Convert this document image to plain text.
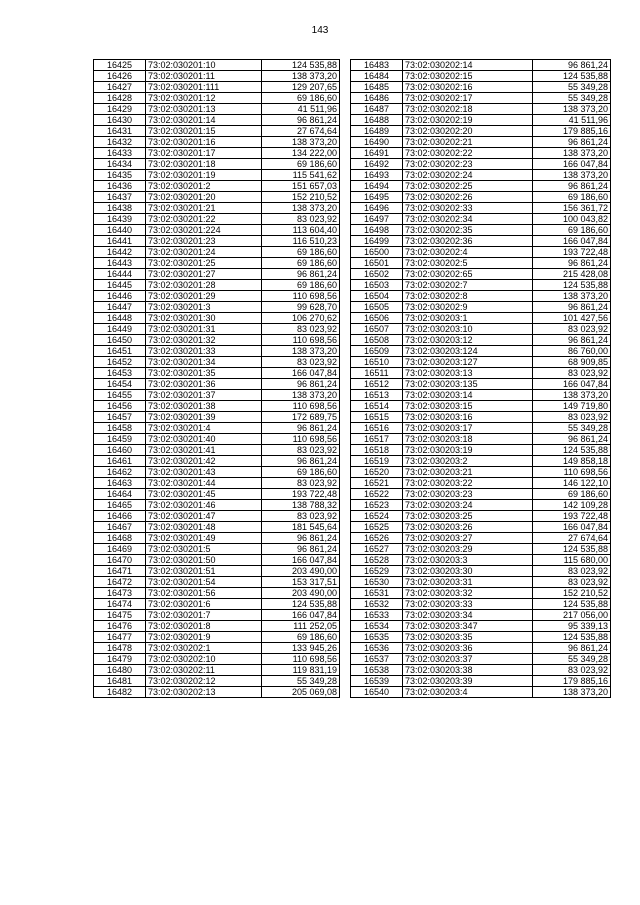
143
16425	73:02:030201:10	124 535,88
16426	73:02:030201:11	138 373,20
16427	73:02:030201:111	129 207,65
16428	73:02:030201:12	69 186,60
16429	73:02:030201:13	41 511,96
16430	73:02:030201:14	96 861,24
16431	73:02:030201:15	27 674,64
16432	73:02:030201:16	138 373,20
16433	73:02:030201:17	134 222,00
16434	73:02:030201:18	69 186,60
16435	73:02:030201:19	115 541,62
16436	73:02:030201:2	151 657,03
16437	73:02:030201:20	152 210,52
16438	73:02:030201:21	138 373,20
16439	73:02:030201:22	83 023,92
16440	73:02:030201:224	113 604,40
16441	73:02:030201:23	116 510,23
16442	73:02:030201:24	69 186,60
16443	73:02:030201:25	69 186,60
16444	73:02:030201:27	96 861,24
16445	73:02:030201:28	69 186,60
16446	73:02:030201:29	110 698,56
16447	73:02:030201:3	99 628,70
16448	73:02:030201:30	106 270,62
16449	73:02:030201:31	83 023,92
16450	73:02:030201:32	110 698,56
16451	73:02:030201:33	138 373,20
16452	73:02:030201:34	83 023,92
16453	73:02:030201:35	166 047,84
16454	73:02:030201:36	96 861,24
16455	73:02:030201:37	138 373,20
16456	73:02:030201:38	110 698,56
16457	73:02:030201:39	172 689,75
16458	73:02:030201:4	96 861,24
16459	73:02:030201:40	110 698,56
16460	73:02:030201:41	83 023,92
16461	73:02:030201:42	96 861,24
16462	73:02:030201:43	69 186,60
16463	73:02:030201:44	83 023,92
16464	73:02:030201:45	193 722,48
16465	73:02:030201:46	138 788,32
16466	73:02:030201:47	83 023,92
16467	73:02:030201:48	181 545,64
16468	73:02:030201:49	96 861,24
16469	73:02:030201:5	96 861,24
16470	73:02:030201:50	166 047,84
16471	73:02:030201:51	203 490,00
16472	73:02:030201:54	153 317,51
16473	73:02:030201:56	203 490,00
16474	73:02:030201:6	124 535,88
16475	73:02:030201:7	166 047,84
16476	73:02:030201:8	111 252,05
16477	73:02:030201:9	69 186,60
16478	73:02:030202:1	133 945,26
16479	73:02:030202:10	110 698,56
16480	73:02:030202:11	119 831,19
16481	73:02:030202:12	55 349,28
16482	73:02:030202:13	205 069,08
16483	73:02:030202:14	96 861,24
16484	73:02:030202:15	124 535,88
16485	73:02:030202:16	55 349,28
16486	73:02:030202:17	55 349,28
16487	73:02:030202:18	138 373,20
16488	73:02:030202:19	41 511,96
16489	73:02:030202:20	179 885,16
16490	73:02:030202:21	96 861,24
16491	73:02:030202:22	138 373,20
16492	73:02:030202:23	166 047,84
16493	73:02:030202:24	138 373,20
16494	73:02:030202:25	96 861,24
16495	73:02:030202:26	69 186,60
16496	73:02:030202:33	156 361,72
16497	73:02:030202:34	100 043,82
16498	73:02:030202:35	69 186,60
16499	73:02:030202:36	166 047,84
16500	73:02:030202:4	193 722,48
16501	73:02:030202:5	96 861,24
16502	73:02:030202:65	215 428,08
16503	73:02:030202:7	124 535,88
16504	73:02:030202:8	138 373,20
16505	73:02:030202:9	96 861,24
16506	73:02:030203:1	101 427,56
16507	73:02:030203:10	83 023,92
16508	73:02:030203:12	96 861,24
16509	73:02:030203:124	86 760,00
16510	73:02:030203:127	68 909,85
16511	73:02:030203:13	83 023,92
16512	73:02:030203:135	166 047,84
16513	73:02:030203:14	138 373,20
16514	73:02:030203:15	149 719,80
16515	73:02:030203:16	83 023,92
16516	73:02:030203:17	55 349,28
16517	73:02:030203:18	96 861,24
16518	73:02:030203:19	124 535,88
16519	73:02:030203:2	149 858,18
16520	73:02:030203:21	110 698,56
16521	73:02:030203:22	146 122,10
16522	73:02:030203:23	69 186,60
16523	73:02:030203:24	142 109,28
16524	73:02:030203:25	193 722,48
16525	73:02:030203:26	166 047,84
16526	73:02:030203:27	27 674,64
16527	73:02:030203:29	124 535,88
16528	73:02:030203:3	115 680,00
16529	73:02:030203:30	83 023,92
16530	73:02:030203:31	83 023,92
16531	73:02:030203:32	152 210,52
16532	73:02:030203:33	124 535,88
16533	73:02:030203:34	217 056,00
16534	73:02:030203:347	95 339,13
16535	73:02:030203:35	124 535,88
16536	73:02:030203:36	96 861,24
16537	73:02:030203:37	55 349,28
16538	73:02:030203:38	83 023,92
16539	73:02:030203:39	179 885,16
16540	73:02:030203:4	138 373,20
